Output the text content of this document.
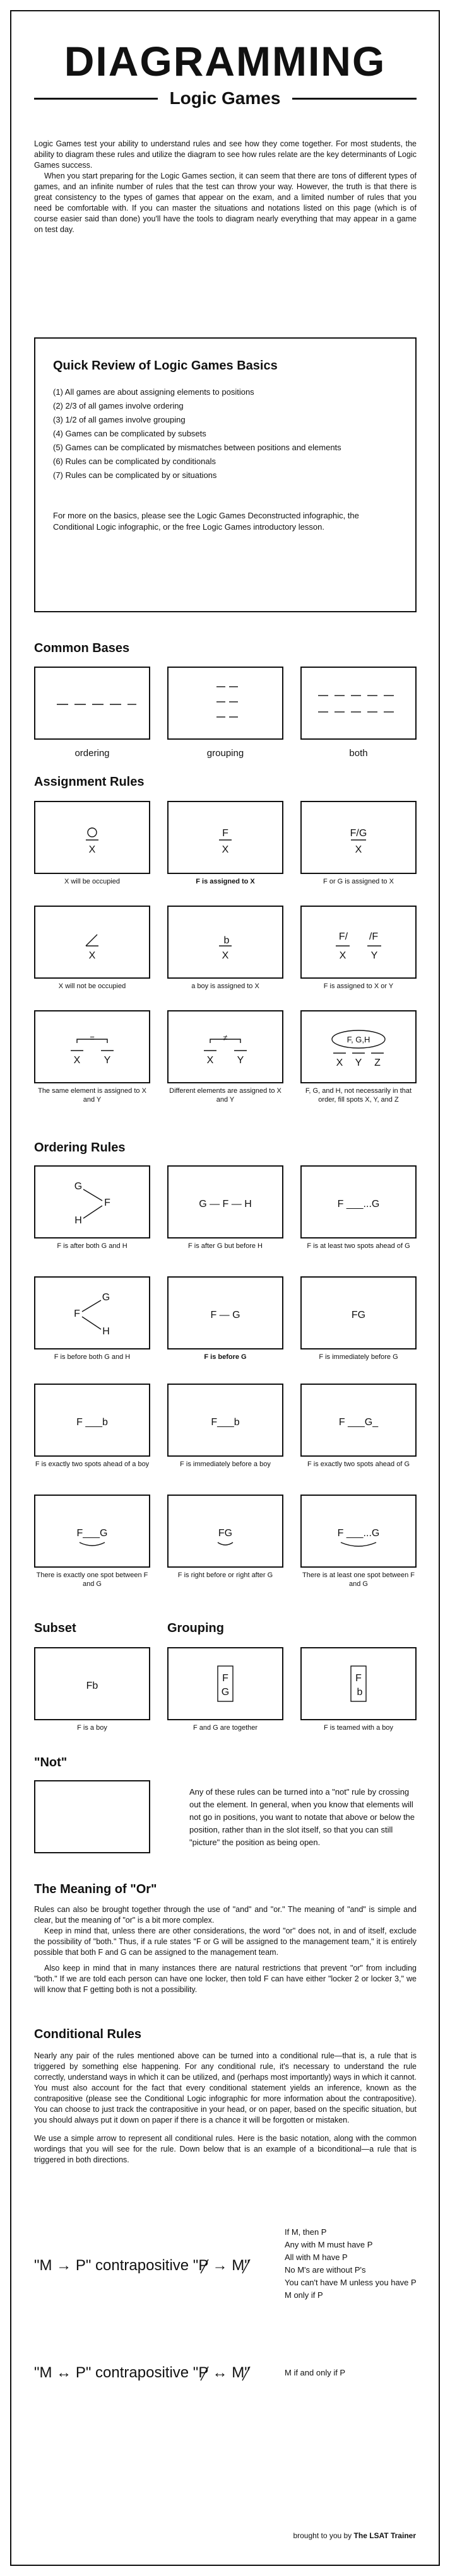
DIAGRAMMING
Logic Games

Logic Games test your ability to understand rules and see how they come together. For most students, the ability to diagram these rules and utilize the diagram to see how rules relate are the key determinants of Logic Games success.

When you start preparing for the Logic Games section, it can seem that there are tons of different types of games, and an infinite number of rules that the test can throw your way. However, the truth is that there is great consistency to the types of games that appear on the exam, and a limited number of rules that you need be comfortable with. If you can master the situations and notations listed on this page (which is of course easier said than done) you'll have the tools to diagram nearly everything that may appear in a game on test day.

Quick Review of Logic Games Basics
(1) All games are about assigning elements to positions
(2) 2/3 of all games involve ordering
(3) 1/2 of all games involve grouping
(4) Games can be complicated by subsets
(5) Games can be complicated by mismatches between positions and elements
(6) Rules can be complicated by conditionals
(7) Rules can be complicated by or situations

For more on the basics, please see the Logic Games Deconstructed infographic, the Conditional Logic infographic, or the free Logic Games introductory lesson.

Common Bases
ordering	grouping	both
Assignment Rules
X
F
X
F/G
X
X will be occupied	F is assigned to X	F or G is assigned to X
X
b
X
F/ /F
X Y
X will not be occupied	a boy is assigned to X	F is assigned to X or Y
=
X Y
≠
X Y
F, G,H
X Y Z
The same element is assigned to X and Y
Different elements are assigned to X and Y
F, G, and H, not necessarily in that order, fill spots X, Y, and Z
Ordering Rules
G
F
H
G — F — H	F ___...G
F is after both G and H	F is after G but before H	F is at least two spots ahead of G
G
F
H
F — G	FG
F is before both G and H	F is before G	F is immediately before G
F ___b	F___b	F ___G_
F is exactly two spots ahead of a boy	F is immediately before a boy	F is exactly two spots ahead of G
F___G	FG	F ___...G
There is exactly one spot between F and G
F is right before or right after G	There is at least one spot between F and G
Subset	Grouping
Fb
F
G
F
b
F is a boy	F and G are together	F is teamed with a boy
"Not"

Any of these rules can be turned into a "not" rule by crossing out the element. In general, when you know that elements will not go in positions, you want to notate that above or below the position, rather than in the slot itself, so that you can still "picture" the position as being open.

The Meaning of "Or"

Rules can also be brought together through the use of "and" and "or." The meaning of "and" is simple and clear, but the meaning of "or" is a bit more complex.

Keep in mind that, unless there are other considerations, the word "or" does not, in and of itself, exclude the possibility of "both." Thus, if a rule states "F or G will be assigned to the management team," it is entirely possible that both F and G can be assigned to the management team.

Also keep in mind that in many instances there are natural restrictions that prevent "or" from including "both." If we are told each person can have one locker, then told F can have either "locker 2 or locker 3," we will know that F getting both is not a possibility.

Conditional Rules

Nearly any pair of the rules mentioned above can be turned into a conditional rule—that is, a rule that is triggered by something else happening. For any conditional rule, it's necessary to understand the rule correctly, understand ways in which it can be utilized, and (perhaps most importantly) ways in which it cannot. You must also account for the fact that every conditional statement yields an inference, known as the contrapositive (please see the Conditional Logic infographic for more information about the contrapositive). You can choose to just track the contrapositive in your head, or on paper, based on the specific situation, but you should always put it down on paper if there is a chance it will be forgotten or mistaken.

We use a simple arrow to represent all conditional rules. Here is the basic notation, along with the common wordings that you will see for the rule. Down below that is an example of a biconditional—a rule that is triggered in both directions.

"M → P" contrapositive "P → M
"
If M, then P
Any with M must have P
All with M have P
No M's are without P's
You can't have M unless you have P
M only if P
"M ↔ P" contrapositive "P ↔ M
"	M if and only if P
brought to you by The LSAT Trainer
